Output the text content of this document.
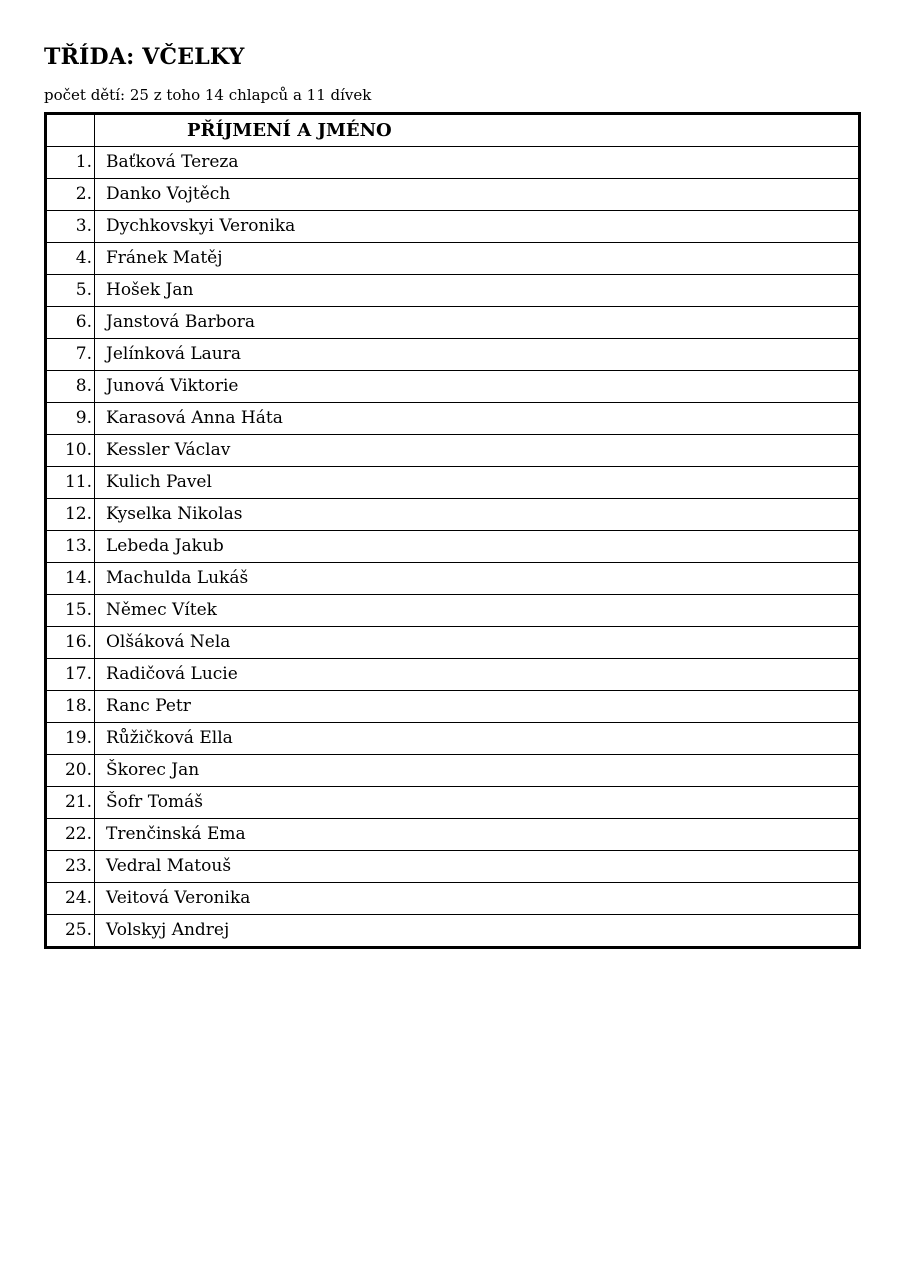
TŘÍDA: VČELKY
počet dětí: 25 z toho 14 chlapců a 11 dívek
	PŘÍJMENÍ A JMÉNO
1.	Baťková Tereza
2.	Danko Vojtěch
3.	Dychkovskyi Veronika
4.	Fránek Matěj
5.	Hošek Jan
6.	Janstová Barbora
7.	Jelínková Laura
8.	Junová Viktorie
9.	Karasová Anna Háta
10.	Kessler Václav
11.	Kulich Pavel
12.	Kyselka Nikolas
13.	Lebeda Jakub
14.	Machulda Lukáš
15.	Němec Vítek
16.	Olšáková Nela
17.	Radičová Lucie
18.	Ranc Petr
19.	Růžičková Ella
20.	Škorec Jan
21.	Šofr Tomáš
22.	Trenčinská Ema
23.	Vedral Matouš
24.	Veitová Veronika
25.	Volskyj Andrej
